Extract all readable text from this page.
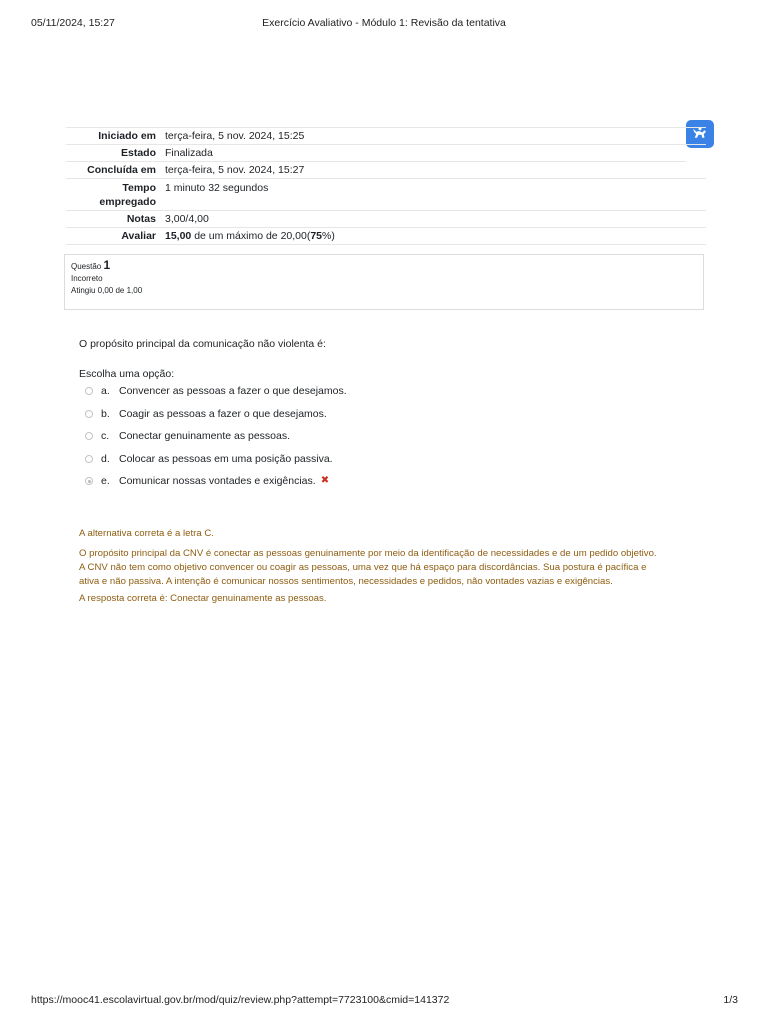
05/11/2024, 15:27	Exercício Avaliativo - Módulo 1: Revisão da tentativa
Iniciado em terça-feira, 5 nov. 2024, 15:25
Estado Finalizada
Concluída em terça-feira, 5 nov. 2024, 15:27
Tempo empregado
1 minuto 32 segundos
Notas 3,00/4,00
Avaliar 15,00 de um máximo de 20,00(75%)
Questão 1
Incorreto
Atingiu 0,00 de 1,00

O propósito principal da comunicação não violenta é:

Escolha uma opção:
a. Convencer as pessoas a fazer o que desejamos.
b. Coagir as pessoas a fazer o que desejamos.
c. Conectar genuinamente as pessoas.
d. Colocar as pessoas em uma posição passiva.
e. Comunicar nossas vontades e exigências. ✖

A alternativa correta é a letra C.

O propósito principal da CNV é conectar as pessoas genuinamente por meio da identificação de necessidades e de um pedido objetivo.

A CNV não tem como objetivo convencer ou coagir as pessoas, uma vez que há espaço para discordâncias. Sua postura é pacífica e

ativa e não passiva. A intenção é comunicar nossos sentimentos, necessidades e pedidos, não vontades vazias e exigências.

A resposta correta é: Conectar genuinamente as pessoas.

https://mooc41.escolavirtual.gov.br/mod/quiz/review.php?attempt=7723100&cmid=141372	1/3
